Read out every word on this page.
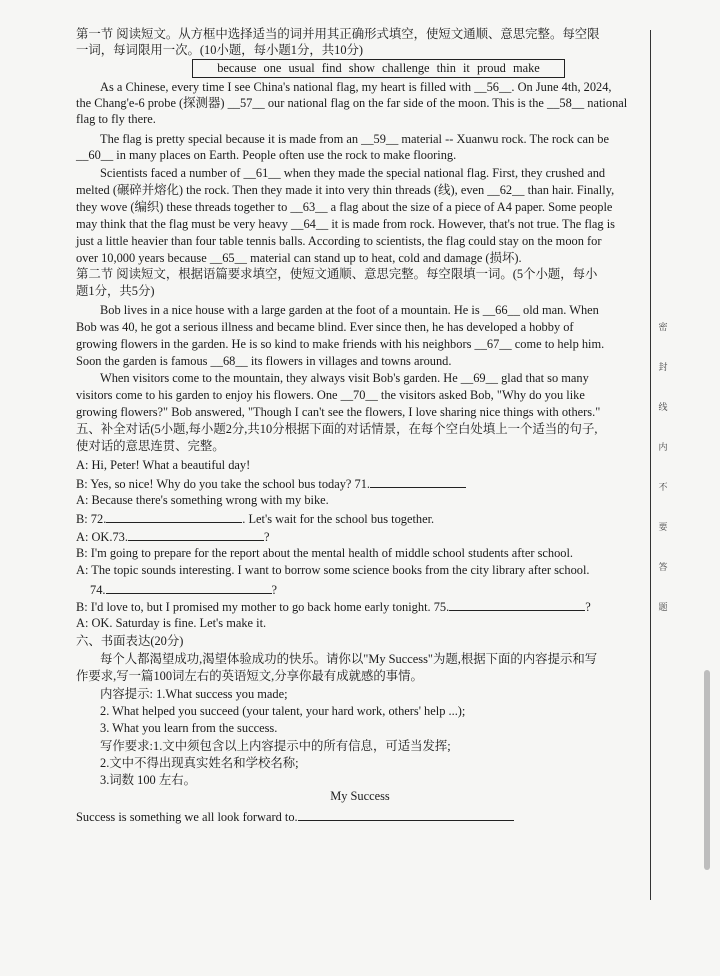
密
封
线
内
不
要
答
题
第一节 阅读短文。从方框中选择适当的词并用其正确形式填空，使短文通顺、意思完整。每空限
一词，每词限用一次。(10小题，每小题1分，共10分)
because one usual find show challenge thin it proud make
As a Chinese, every time I see China's national flag, my heart is filled with __56__. On June 4th, 2024,
the Chang'e-6 probe (探测器) __57__ our national flag on the far side of the moon. This is the __58__ national
flag to fly there.
The flag is pretty special because it is made from an __59__ material -- Xuanwu rock. The rock can be
__60__ in many places on Earth. People often use the rock to make flooring.
Scientists faced a number of __61__ when they made the special national flag. First, they crushed and
melted (碾碎并熔化) the rock. Then they made it into very thin threads (线), even __62__ than hair. Finally,
they wove (编织) these threads together to __63__ a flag about the size of a piece of A4 paper. Some people
may think that the flag must be very heavy __64__ it is made from rock. However, that's not true. The flag is
just a little heavier than four table tennis balls. According to scientists, the flag could stay on the moon for
over 10,000 years because __65__ material can stand up to heat, cold and damage (损坏).
第二节 阅读短文，根据语篇要求填空，使短文通顺、意思完整。每空限填一词。(5个小题，每小
题1分，共5分)
Bob lives in a nice house with a large garden at the foot of a mountain. He is __66__ old man. When
Bob was 40, he got a serious illness and became blind. Ever since then, he has developed a hobby of
growing flowers in the garden. He is so kind to make friends with his neighbors __67__ come to help him.
Soon the garden is famous __68__ its flowers in villages and towns around.
When visitors come to the mountain, they always visit Bob's garden. He __69__ glad that so many
visitors come to his garden to enjoy his flowers. One __70__ the visitors asked Bob, "Why do you like
growing flowers?" Bob answered, "Though I can't see the flowers, I love sharing nice things with others."
五、补全对话(5小题,每小题2分,共10分根据下面的对话情景，在每个空白处填上一个适当的句子,
使对话的意思连贯、完整。
A: Hi, Peter! What a beautiful day!
B: Yes, so nice! Why do you take the school bus today? 71.
A: Because there's something wrong with my bike.
B: 72.	. Let's wait for the school bus together.
A: OK.73.	?
B: I'm going to prepare for the report about the mental health of middle school students after school.
A: The topic sounds interesting. I want to borrow some science books from the city library after school.
74.	?
B: I'd love to, but I promised my mother to go back home early tonight. 75.	?
A: OK. Saturday is fine. Let's make it.
六、书面表达(20分)
每个人都渴望成功,渴望体验成功的快乐。请你以"My Success"为题,根据下面的内容提示和写
作要求,写一篇100词左右的英语短文,分享你最有成就感的事情。
内容提示: 1.What success you made;
2. What helped you succeed (your talent, your hard work, others' help ...);
3. What you learn from the success.
写作要求:1.文中须包含以上内容提示中的所有信息，可适当发挥;
2.文中不得出现真实姓名和学校名称;
3.词数 100 左右。
My Success
Success is something we all look forward to.
